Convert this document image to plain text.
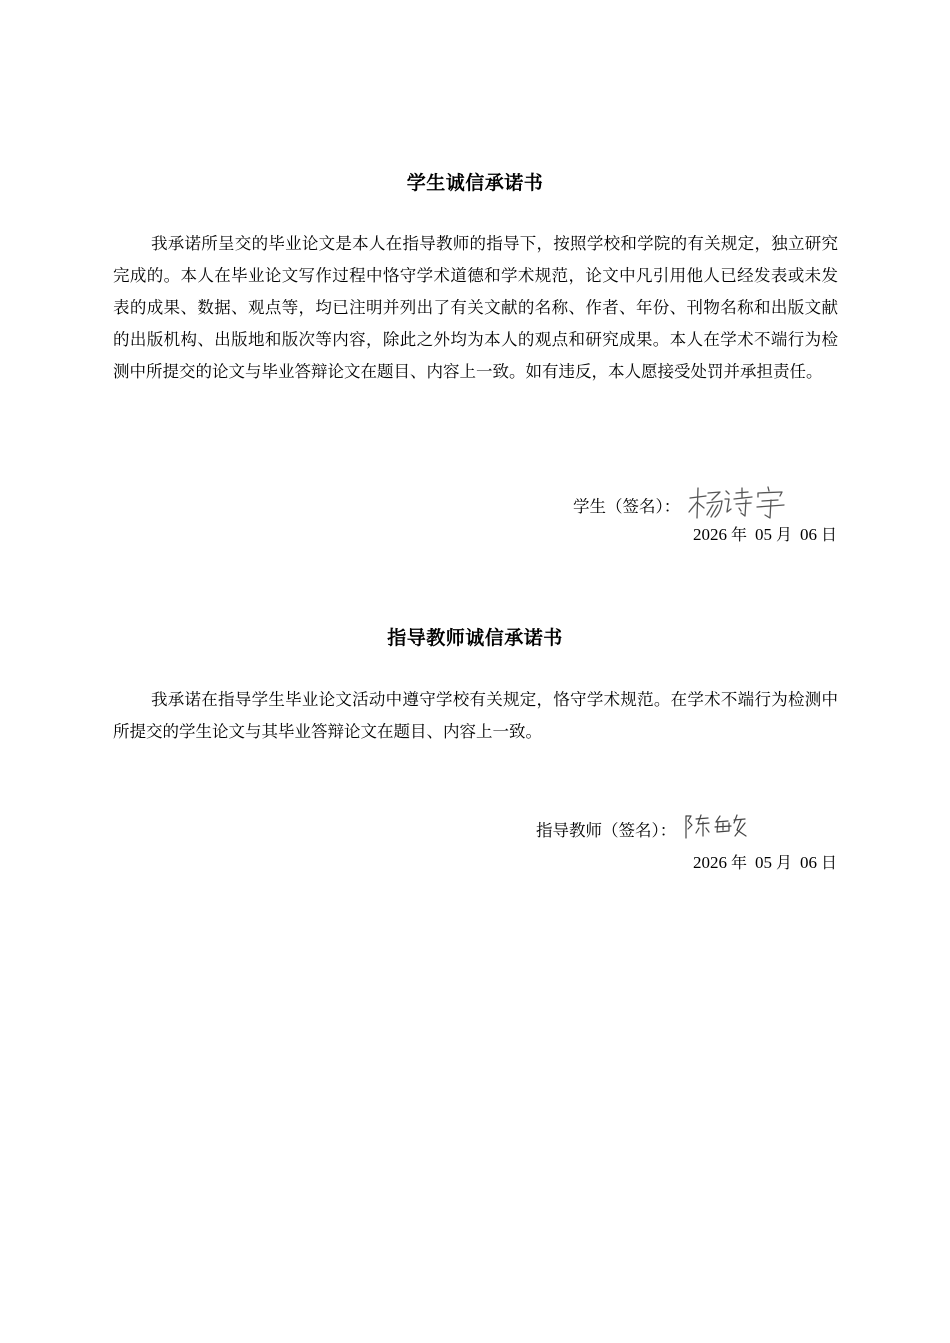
学生诚信承诺书

我承诺所呈交的毕业论文是本人在指导教师的指导下，按照学校和学院的有关规定，独立研究完成的。本人在毕业论文写作过程中恪守学术道德和学术规范，论文中凡引用他人已经发表或未发表的成果、数据、观点等，均已注明并列出了有关文献的名称、作者、年份、刊物名称和出版文献的出版机构、出版地和版次等内容，除此之外均为本人的观点和研究成果。本人在学术不端行为检测中所提交的论文与毕业答辩论文在题目、内容上一致。如有违反，本人愿接受处罚并承担责任。

学生（签名）：
2026 年 05 月 06 日
指导教师诚信承诺书

我承诺在指导学生毕业论文活动中遵守学校有关规定，恪守学术规范。在学术不端行为检测中所提交的学生论文与其毕业答辩论文在题目、内容上一致。

指导教师（签名）：
2026 年 05 月 06 日
